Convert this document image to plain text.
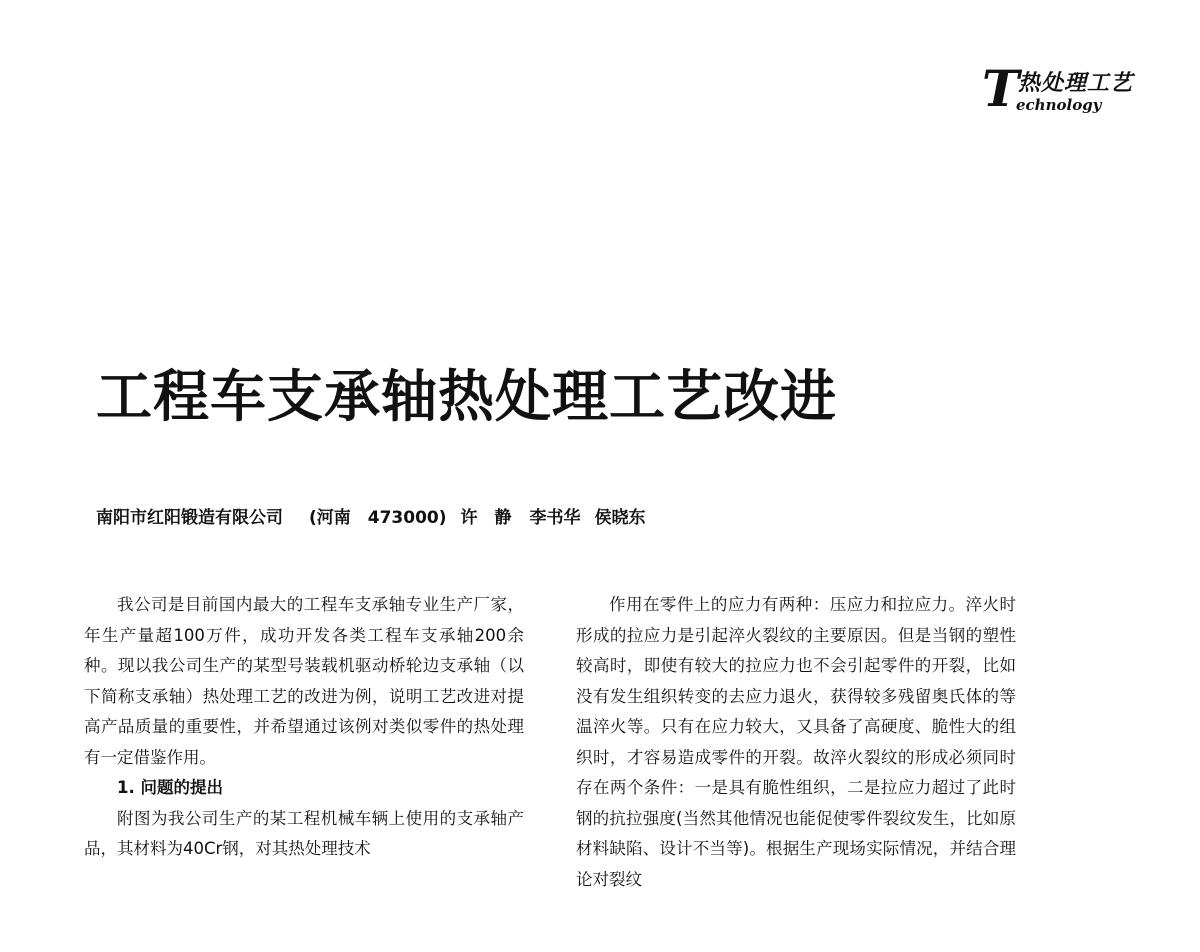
T
热处理工艺
echnology
工程车支承轴热处理工艺改进
南阳市红阳锻造有限公司 (河南　473000) 许　静 李书华 侯晓东

我公司是目前国内最大的工程车支承轴专业生产厂家，年生产量超100万件，成功开发各类工程车支承轴200余种。现以我公司生产的某型号装载机驱动桥轮边支承轴（以下简称支承轴）热处理工艺的改进为例，说明工艺改进对提高产品质量的重要性，并希望通过该例对类似零件的热处理有一定借鉴作用。

1. 问题的提出

附图为我公司生产的某工程机械车辆上使用的支承轴产品，其材料为40Cr钢，对其热处理技术

作用在零件上的应力有两种：压应力和拉应力。淬火时形成的拉应力是引起淬火裂纹的主要原因。但是当钢的塑性较高时，即使有较大的拉应力也不会引起零件的开裂，比如没有发生组织转变的去应力退火，获得较多残留奥氏体的等温淬火等。只有在应力较大，又具备了高硬度、脆性大的组织时，才容易造成零件的开裂。故淬火裂纹的形成必须同时存在两个条件：一是具有脆性组织，二是拉应力超过了此时钢的抗拉强度(当然其他情况也能促使零件裂纹发生，比如原材料缺陷、设计不当等)。根据生产现场实际情况，并结合理论对裂纹
